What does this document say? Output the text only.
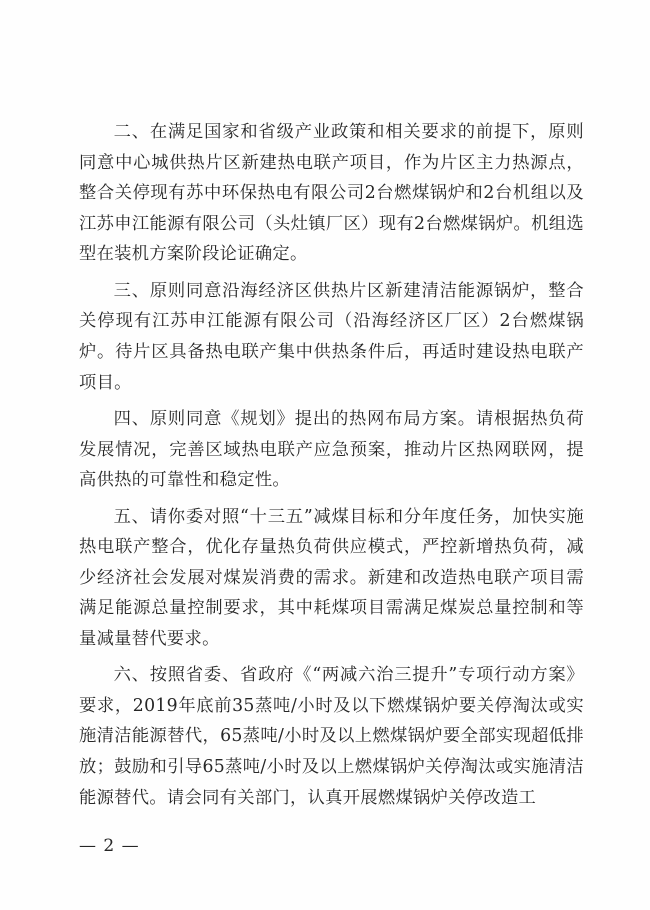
二、在满足国家和省级产业政策和相关要求的前提下，原则同意中心城供热片区新建热电联产项目，作为片区主力热源点，整合关停现有苏中环保热电有限公司2台燃煤锅炉和2台机组以及江苏申江能源有限公司（头灶镇厂区）现有2台燃煤锅炉。机组选型在装机方案阶段论证确定。

三、原则同意沿海经济区供热片区新建清洁能源锅炉，整合关停现有江苏申江能源有限公司（沿海经济区厂区）2台燃煤锅炉。待片区具备热电联产集中供热条件后，再适时建设热电联产项目。

四、原则同意《规划》提出的热网布局方案。请根据热负荷发展情况，完善区域热电联产应急预案，推动片区热网联网，提高供热的可靠性和稳定性。

五、请你委对照“十三五”减煤目标和分年度任务，加快实施热电联产整合，优化存量热负荷供应模式，严控新增热负荷，减少经济社会发展对煤炭消费的需求。新建和改造热电联产项目需满足能源总量控制要求，其中耗煤项目需满足煤炭总量控制和等量减量替代要求。

六、按照省委、省政府《“两减六治三提升”专项行动方案》要求，2019年底前35蒸吨/小时及以下燃煤锅炉要关停淘汰或实施清洁能源替代，65蒸吨/小时及以上燃煤锅炉要全部实现超低排放；鼓励和引导65蒸吨/小时及以上燃煤锅炉关停淘汰或实施清洁能源替代。请会同有关部门，认真开展燃煤锅炉关停改造工

— 2 —
